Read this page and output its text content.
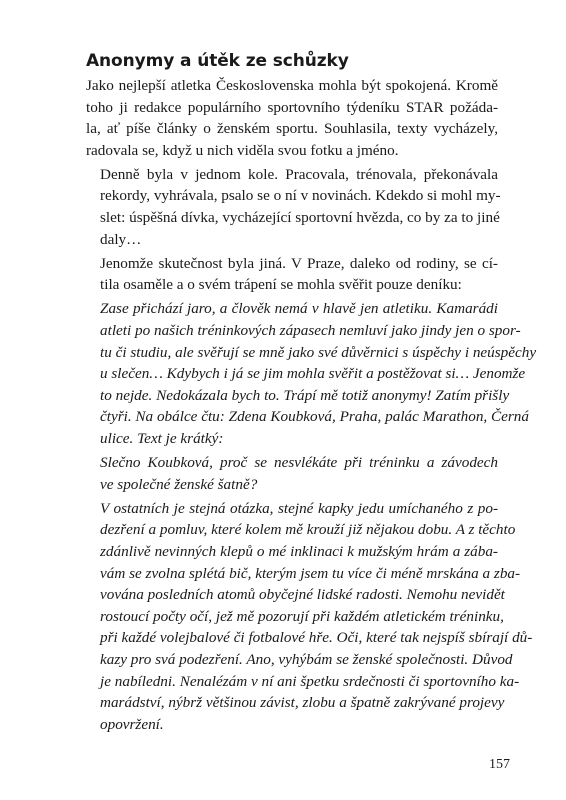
Anonymy a útěk ze schůzky
Jako nejlepší atletka Československa mohla být spokojená. Kromě
toho ji redakce populárního sportovního týdeníku STAR požáda-
la, ať píše články o ženském sportu. Souhlasila, texty vycházely,
radovala se, když u nich viděla svou fotku a jméno.
Denně byla v jednom kole. Pracovala, trénovala, překonávala
rekordy, vyhrávala, psalo se o ní v novinách. Kdekdo si mohl my-
slet: úspěšná dívka, vycházející sportovní hvězda, co by za to jiné
daly…
Jenomže skutečnost byla jiná. V Praze, daleko od rodiny, se cí-
tila osaměle a o svém trápení se mohla svěřit pouze deníku:
Zase přichází jaro, a člověk nemá v hlavě jen atletiku. Kamarádi
atleti po našich tréninkových zápasech nemluví jako jindy jen o spor-
tu či studiu, ale svěřují se mně jako své důvěrnici s úspěchy i neúspěchy
u slečen… Kdybych i já se jim mohla svěřit a postěžovat si… Jenomže
to nejde. Nedokázala bych to. Trápí mě totiž anonymy! Zatím přišly
čtyři. Na obálce čtu: Zdena Koubková, Praha, palác Marathon, Černá
ulice. Text je krátký:
Slečno Koubková, proč se nesvlékáte při tréninku a závodech
ve společné ženské šatně?
V ostatních je stejná otázka, stejné kapky jedu umíchaného z po-
dezření a pomluv, které kolem mě krouží již nějakou dobu. A z těchto
zdánlivě nevinných klepů o mé inklinaci k mužským hrám a zába-
vám se zvolna splétá bič, kterým jsem tu více či méně mrskána a zba-
vována posledních atomů obyčejné lidské radosti. Nemohu nevidět
rostoucí počty očí, jež mě pozorují při každém atletickém tréninku,
při každé volejbalové či fotbalové hře. Oči, které tak nejspíš sbírají dů-
kazy pro svá podezření. Ano, vyhýbám se ženské společnosti. Důvod
je nabíledni. Nenalézám v ní ani špetku srdečnosti či sportovního ka-
marádství, nýbrž většinou závist, zlobu a špatně zakrývané projevy
opovržení.
157
